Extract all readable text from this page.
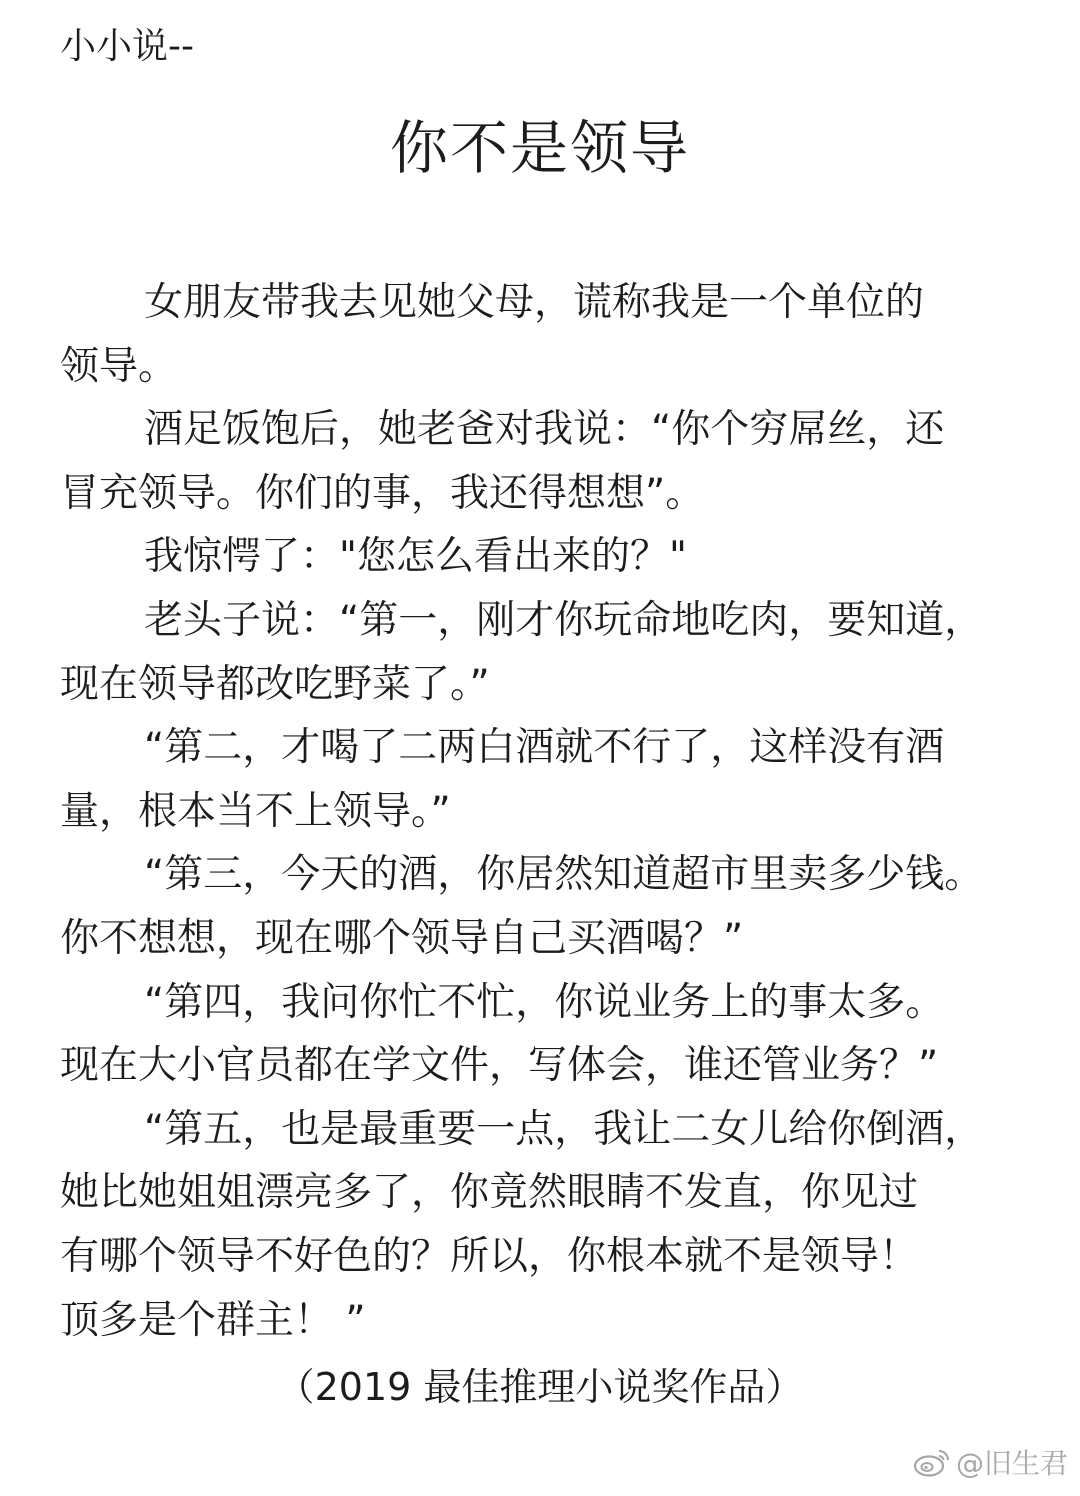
小小说--
你不是领导
女朋友带我去见她父母，谎称我是一个单位的
领导。
酒足饭饱后，她老爸对我说：“你个穷屌丝，还
冒充领导。你们的事，我还得想想”。
我惊愕了："您怎么看出来的？"
老头子说：“第一，刚才你玩命地吃肉，要知道，
现在领导都改吃野菜了。”
“第二，才喝了二两白酒就不行了，这样没有酒
量，根本当不上领导。”
“第三，今天的酒，你居然知道超市里卖多少钱。
你不想想，现在哪个领导自己买酒喝？”
“第四，我问你忙不忙，你说业务上的事太多。
现在大小官员都在学文件，写体会，谁还管业务？”
“第五，也是最重要一点，我让二女儿给你倒酒，
她比她姐姐漂亮多了，你竟然眼睛不发直，你见过
有哪个领导不好色的？所以，你根本就不是领导！
顶多是个群主！ ”
（2019 最佳推理小说奖作品）
@旧生君
